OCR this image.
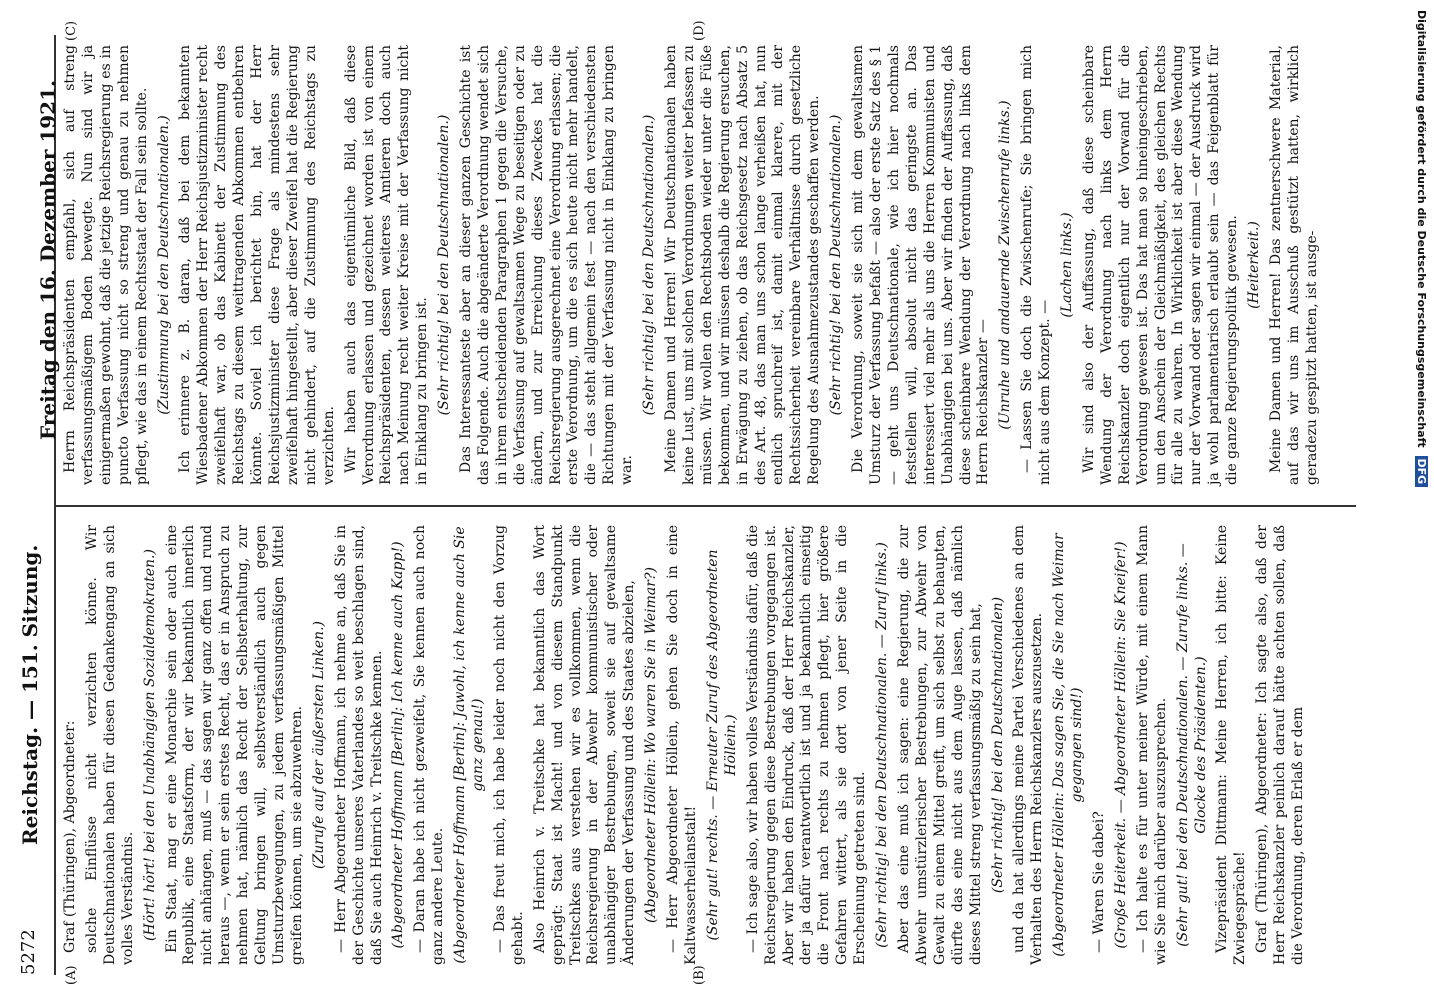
5272
Reichstag. — 151. Sitzung. Graf (Thüringen), Abgeordneter: solche Einflüsse nicht verzichten könne. Wir Deutschnationalen haben für diesen Gedankengang an sich volles Verständnis. (Hört! hört! bei den Unabhängigen Sozialdemokraten.) Ein Staat, mag er eine Monarchie sein oder auch eine Republik, eine Staatsform, der wir bekanntlich innerlich nicht anhängen, muß — das sagen wir ganz offen und rund heraus —, wenn er sein erstes Recht, das er in Anspruch zu nehmen hat, nämlich das Recht der Selbsterhaltung, zur Geltung bringen will, selbstverständlich auch gegen Umsturzbewegungen, zu jedem verfassungsmäßigen Mittel greifen können, um sie abzuwehren. (Zurufe auf der äußersten Linken.) — Herr Abgeordneter Hoffmann, ich nehme an, daß Sie in der Geschichte unseres Vaterlandes so weit beschlagen sind, daß Sie auch Heinrich v. Treitschke kennen. (Abgeordneter Hoffmann [Berlin]: Ich kenne auch Kapp!) — Daran habe ich nicht gezweifelt, Sie kennen auch noch ganz andere Leute. (Abgeordneter Hoffmann [Berlin]: Jawohl, ich kenne auch Sie ganz genau!) — Das freut mich, ich habe leider noch nicht den Vorzug gehabt. Also Heinrich v. Treitschke hat bekanntlich das Wort geprägt: Staat ist Macht! und von diesem Standpunkt Treitschkes aus verstehen wir es vollkommen, wenn die Reichsregierung in der Abwehr kommunistischer oder unabhängiger Bestrebungen, soweit sie auf gewaltsame Änderungen der Verfassung und des Staates abzielen, (Abgeordneter Höllein: Wo waren Sie in Weimar?) — Herr Abgeordneter Höllein, gehen Sie doch in eine Kaltwasserheilanstalt! (Sehr gut! rechts. — Erneuter Zuruf des Abgeordneten Höllein.) — Ich sage also, wir haben volles Verständnis dafür, daß die Reichsregierung gegen diese Bestrebungen vorgegangen ist. Aber wir haben den Eindruck, daß der Herr Reichskanzler, der ja dafür verantwortlich ist und ja bekanntlich einseitig die Front nach rechts zu nehmen pflegt, hier größere Gefahren wittert, als sie dort von jener Seite in die Erscheinung getreten sind. (Sehr richtig! bei den Deutschnationalen. — Zuruf links.) Aber das eine muß ich sagen: eine Regierung, die zur Abwehr umstürzlerischer Bestrebungen, zur Abwehr von Gewalt zu einem Mittel greift, um sich selbst zu behaupten, dürfte das eine nicht aus dem Auge lassen, daß nämlich dieses Mittel streng verfassungsmäßig zu sein hat, (Sehr richtig! bei den Deutschnationalen) und da hat allerdings meine Partei Verschiedenes an dem Verhalten des Herrn Reichskanzlers auszusetzen. (Abgeordneter Höllein: Das sagen Sie, die Sie nach Weimar gegangen sind!)

— Waren Sie dabei? (Große Heiterkeit. — Abgeordneter Höllein: Sie Kneifer!) — Ich halte es für unter meiner Würde, mit einem Mann wie Sie mich darüber auszusprechen. (Sehr gut! bei den Deutschnationalen. — Zurufe links. — Glocke des Präsidenten.) Vizepräsident Dittmann: Meine Herren, ich bitte: Keine Zwiegespräche! Graf (Thüringen), Abgeordneter: Ich sagte also, daß der Herr Reichskanzler peinlich darauf hätte achten sollen, daß die Verordnung, deren Erlaß er dem

Herrn Reichspräsidenten empfahl, sich auf streng verfassungsmäßigem Boden bewegte. Nun sind wir ja einigermaßen gewohnt, daß die jetzige Reichsregierung es in puncto Verfassung nicht so streng und genau zu nehmen pflegt, wie das in einem Rechtsstaat der Fall sein sollte. (Zustimmung bei den Deutschnationalen.) Ich erinnere z. B. daran, daß bei dem bekannten Wiesbadener Abkommen der Herr Reichsjustizminister recht zweifelhaft war, ob das Kabinett der Zustimmung des Reichstags zu diesem weittragenden Abkommen entbehren könnte. Soviel ich berichtet bin, hat der Herr Reichsjustizminister diese Frage als mindestens sehr zweifelhaft hingestellt, aber dieser Zweifel hat die Regierung nicht gehindert, auf die Zustimmung des Reichstags zu verzichten. Wir haben auch das eigentümliche Bild, daß diese Verordnung erlassen und gezeichnet worden ist von einem Reichspräsidenten, dessen weiteres Amtieren doch auch nach Meinung recht weiter Kreise mit der Verfassung nicht in Einklang zu bringen ist. (Sehr richtig! bei den Deutschnationalen.) Das Interessanteste aber an dieser ganzen Geschichte ist das Folgende. Auch die abgeänderte Verordnung wendet sich in ihrem entscheidenden Paragraphen 1 gegen die Versuche, die Verfassung auf gewaltsamen Wege zu beseitigen oder zu ändern, und zur Erreichung dieses Zweckes hat die Reichsregierung ausgerechnet eine Verordnung erlassen; die erste Verordnung, um die es sich heute nicht mehr handelt, die — das steht allgemein fest — nach den verschiedensten Richtungen mit der Verfassung nicht in Einklang zu bringen war.

(Sehr richtig! bei den Deutschnationalen.) Meine Damen und Herren! Wir Deutschnationalen haben keine Lust, uns mit solchen Verordnungen weiter befassen zu müssen. Wir wollen den Rechtsboden wieder unter die Füße bekommen, und wir müssen deshalb die Regierung ersuchen, in Erwägung zu ziehen, ob das Reichsgesetz nach Absatz 5 des Art. 48, das man uns schon lange verheißen hat, nun endlich spruchreif ist, damit einmal klarere, mit der Rechtssicherheit vereinbare Verhältnisse durch gesetzliche Regelung des Ausnahmezustandes geschaffen werden. (Sehr richtig! bei den Deutschnationalen.) Die Verordnung, soweit sie sich mit dem gewaltsamen Umsturz der Verfassung befaßt — also der erste Satz des § 1 — geht uns Deutschnationale, wie ich hier nochmals feststellen will, absolut nicht das geringste an. Das interessiert viel mehr als uns die Herren Kommunisten und Unabhängigen bei uns. Aber wir finden der Auffassung, daß diese scheinbare Wendung der Verordnung nach links dem Herrn Reichskanzler — (Unruhe und andauernde Zwischenrufe links.) — Lassen Sie doch die Zwischenrufe; Sie bringen mich nicht aus dem Konzept. —

(Lachen links.) Wir sind also der Auffassung, daß diese scheinbare Wendung der Verordnung nach links dem Herrn Reichskanzler doch eigentlich nur der Vorwand für die Verordnung gewesen ist. Das hat man so hineingeschrieben, um den Anschein der Gleichmäßigkeit, des gleichen Rechts für alle zu wahren. In Wirklichkeit ist aber diese Wendung nur der Vorwand oder sagen wir einmal — der Ausdruck wird ja wohl parlamentarisch erlaubt sein — das Feigenblatt für die ganze Regierungspolitik gewesen. (Heiterkeit.) Meine Damen und Herren! Das zentnerschwere Material, auf das wir uns im Ausschuß gestützt hatten, wirklich geradezu gespitzt hatten, ist ausge-

(A)	(B)
(C)	(D)
Freitag den 16. Dezember 1921.	Digitalisierung gefördert durch die Deutsche Forschungsgemeinschaft DFG
